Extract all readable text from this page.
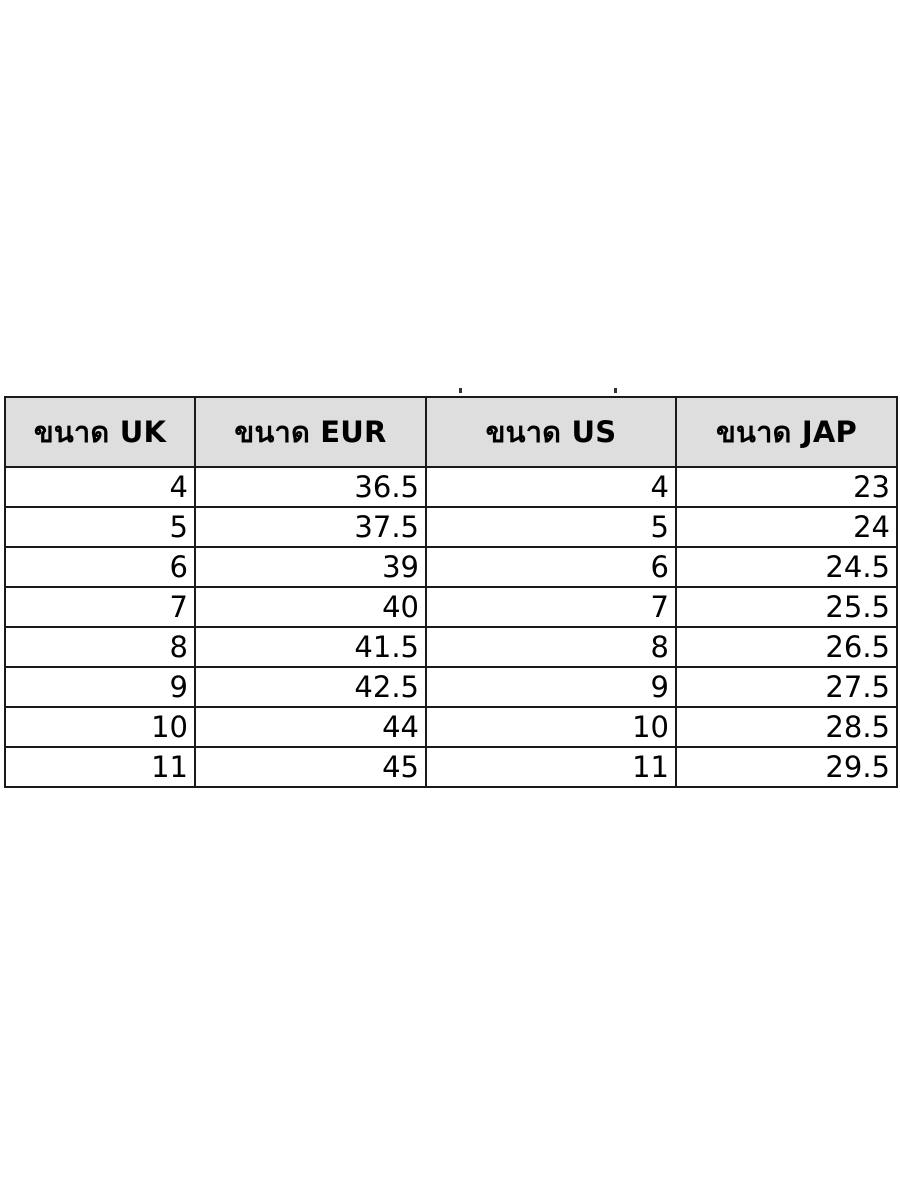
ขนาด UK	ขนาด EUR	ขนาด US	ขนาด JAP
4	36.5	4	23
5	37.5	5	24
6	39	6	24.5
7	40	7	25.5
8	41.5	8	26.5
9	42.5	9	27.5
10	44	10	28.5
11	45	11	29.5
